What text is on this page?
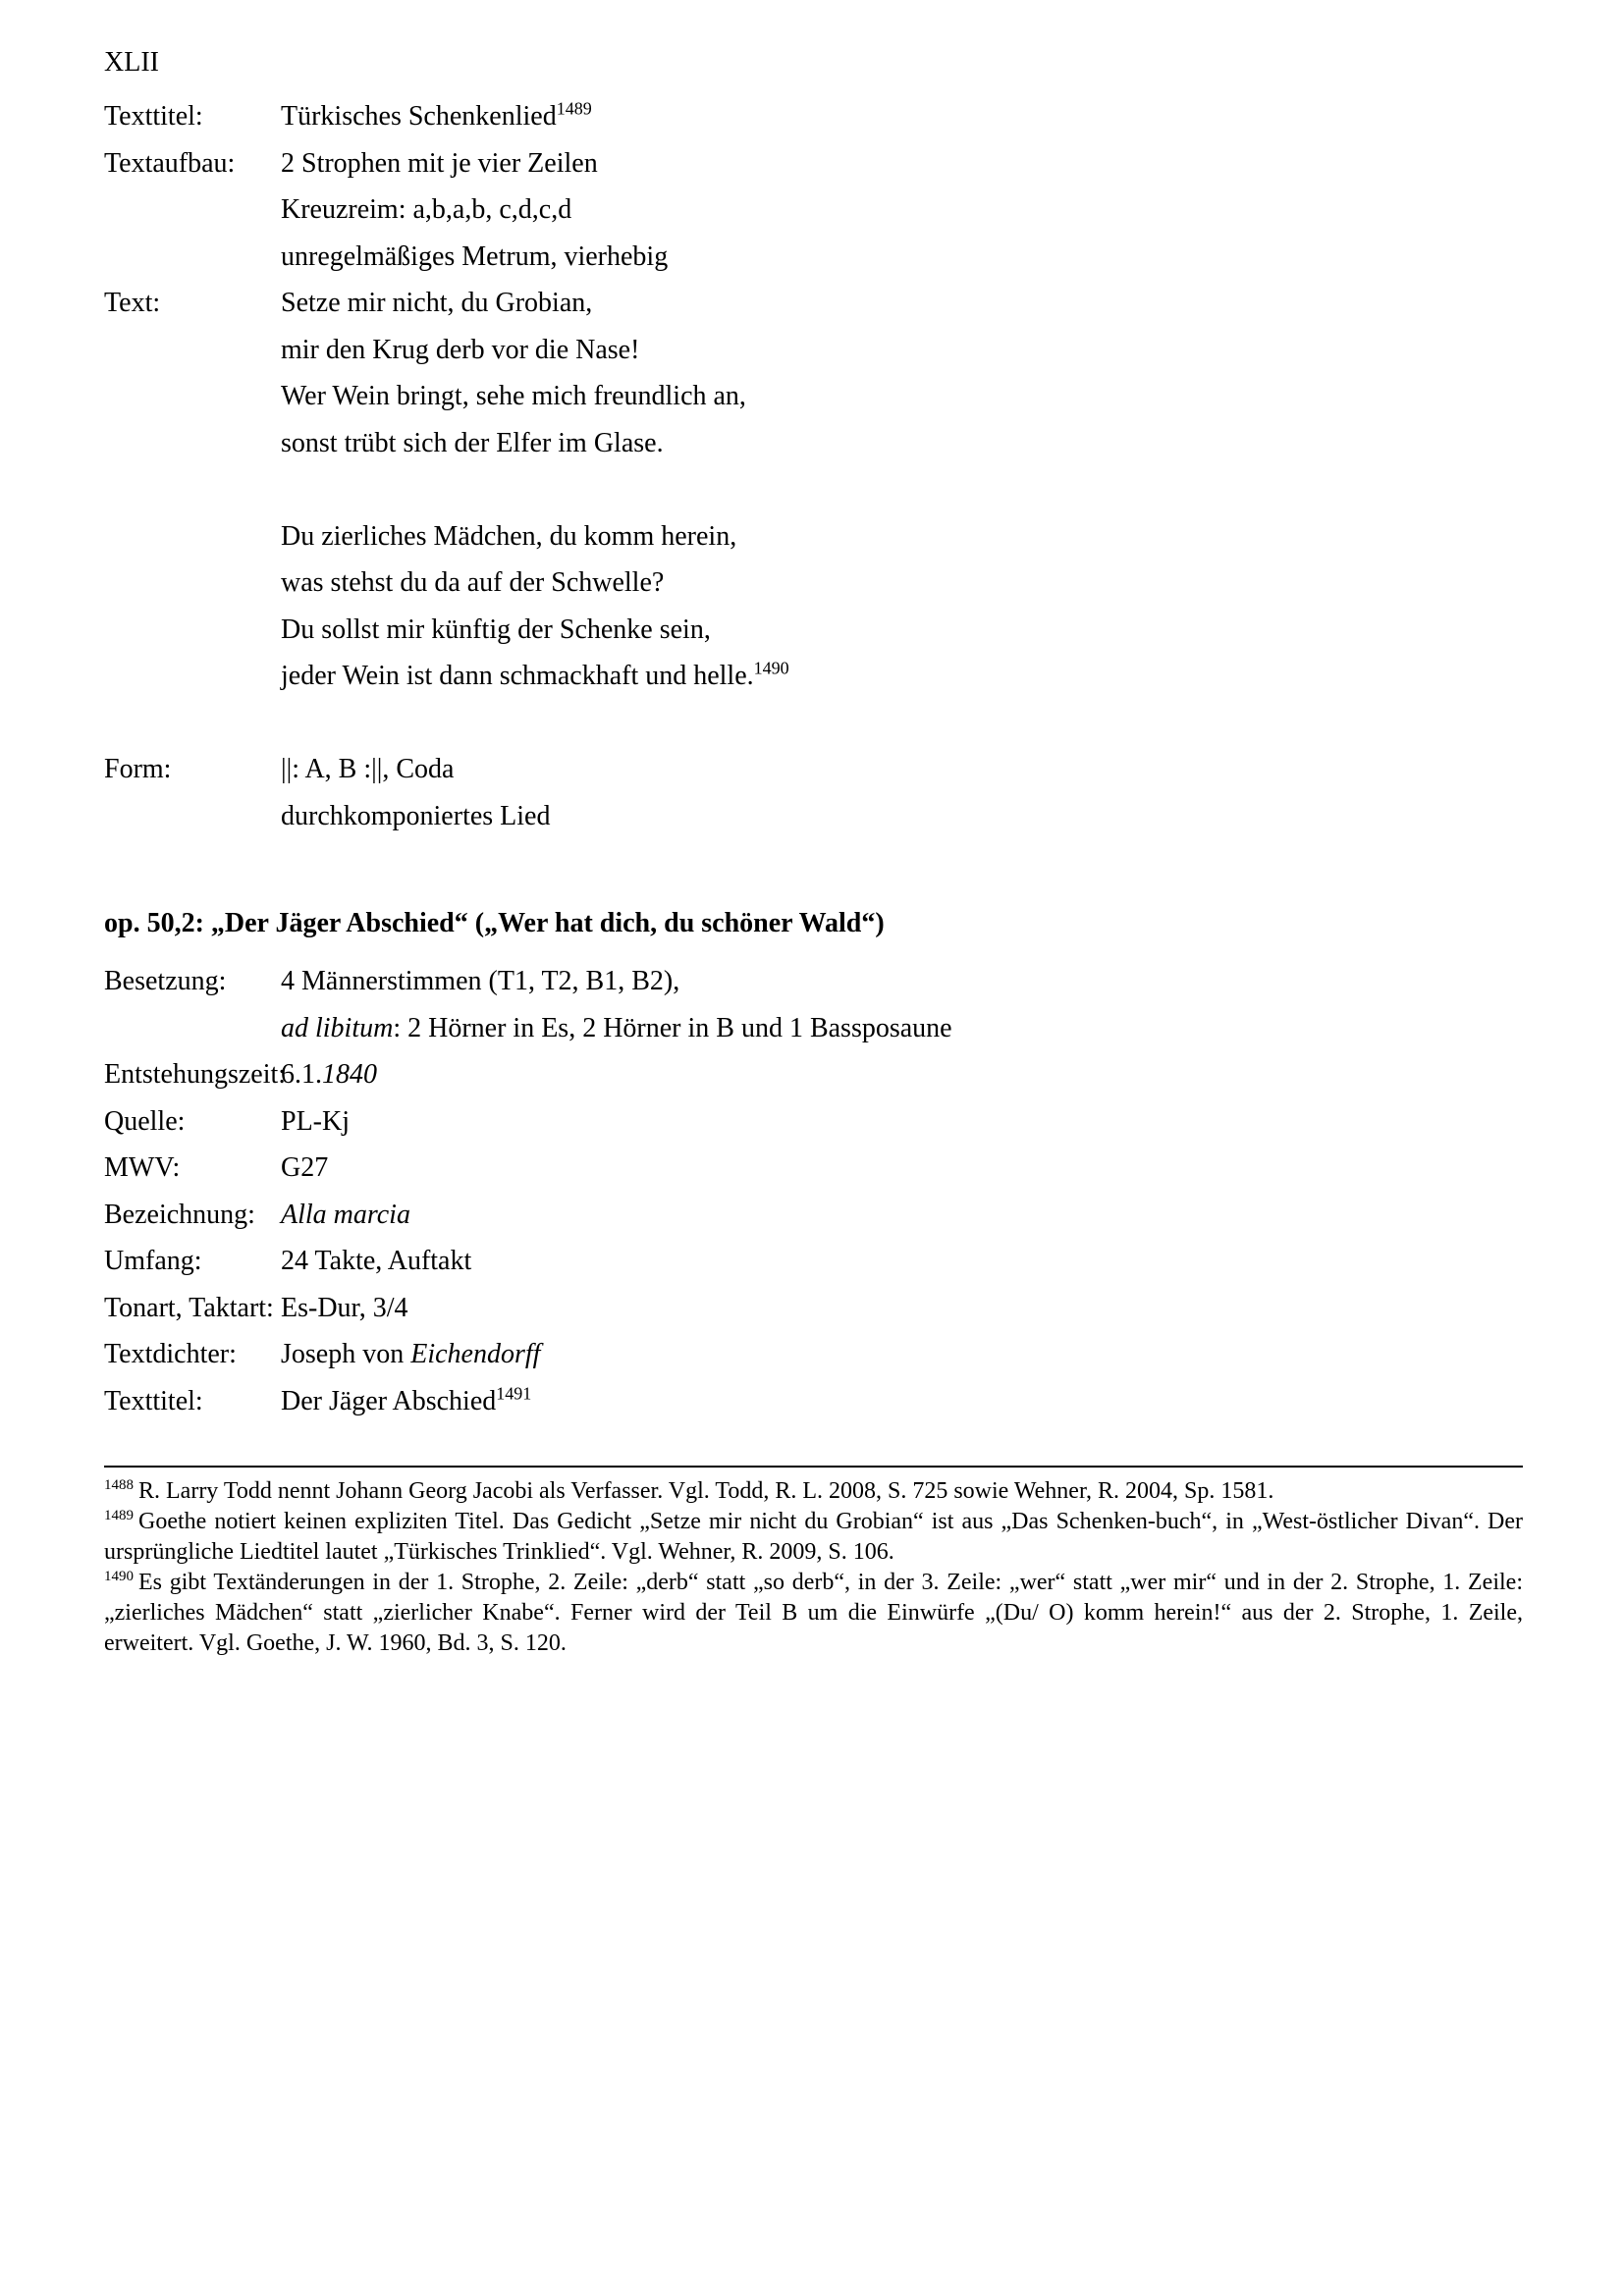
XLII
Texttitel:	Türkisches Schenkenlied$^{1489}$
Textaufbau:	2 Strophen mit je vier Zeilen
Kreuzreim: a,b,a,b, c,d,c,d
unregelmäßiges Metrum, vierhebig
Text:	Setze mir nicht, du Grobian,
mir den Krug derb vor die Nase!
Wer Wein bringt, sehe mich freundlich an,
sonst trübt sich der Elfer im Glase.
Du zierliches Mädchen, du komm herein,
was stehst du da auf der Schwelle?
Du sollst mir künftig der Schenke sein,
jeder Wein ist dann schmackhaft und helle.$^{1490}$
Form:	||: A, B :||, Coda
durchkomponiertes Lied
op. 50,2: „Der Jäger Abschied“ („Wer hat dich, du schöner Wald“)
Besetzung:	4 Männerstimmen (T1, T2, B1, B2),
ad libitum: 2 Hörner in Es, 2 Hörner in B und 1 Bassposaune
Entstehungszeit:
6.1.1840
Quelle:	PL-Kj
MWV:	G27
Bezeichnung: Alla marcia
Umfang:	24 Takte, Auftakt
Tonart, Taktart: Es-Dur, 3/4
Textdichter:	Joseph von Eichendorff
Texttitel:	Der Jäger Abschied$^{1491}$
$^{1488}$ R. Larry Todd nennt Johann Georg Jacobi als Verfasser. Vgl. Todd, R. L. 2008, S. 725 sowie Wehner, R. 2004, Sp. 1581.
$^{1489}$ Goethe notiert keinen expliziten Titel. Das Gedicht „Setze mir nicht du Grobian“ ist aus „Das Schenken-buch“, in „West-östlicher Divan“. Der ursprüngliche Liedtitel lautet „Türkisches Trinklied“. Vgl. Wehner, R. 2009, S. 106.
$^{1490}$ Es gibt Textänderungen in der 1. Strophe, 2. Zeile: „derb“ statt „so derb“, in der 3. Zeile: „wer“ statt „wer mir“ und in der 2. Strophe, 1. Zeile: „zierliches Mädchen“ statt „zierlicher Knabe“. Ferner wird der Teil B um die Einwürfe „(Du/ O) komm herein!“ aus der 2. Strophe, 1. Zeile, erweitert. Vgl. Goethe, J. W. 1960, Bd. 3, S. 120.
